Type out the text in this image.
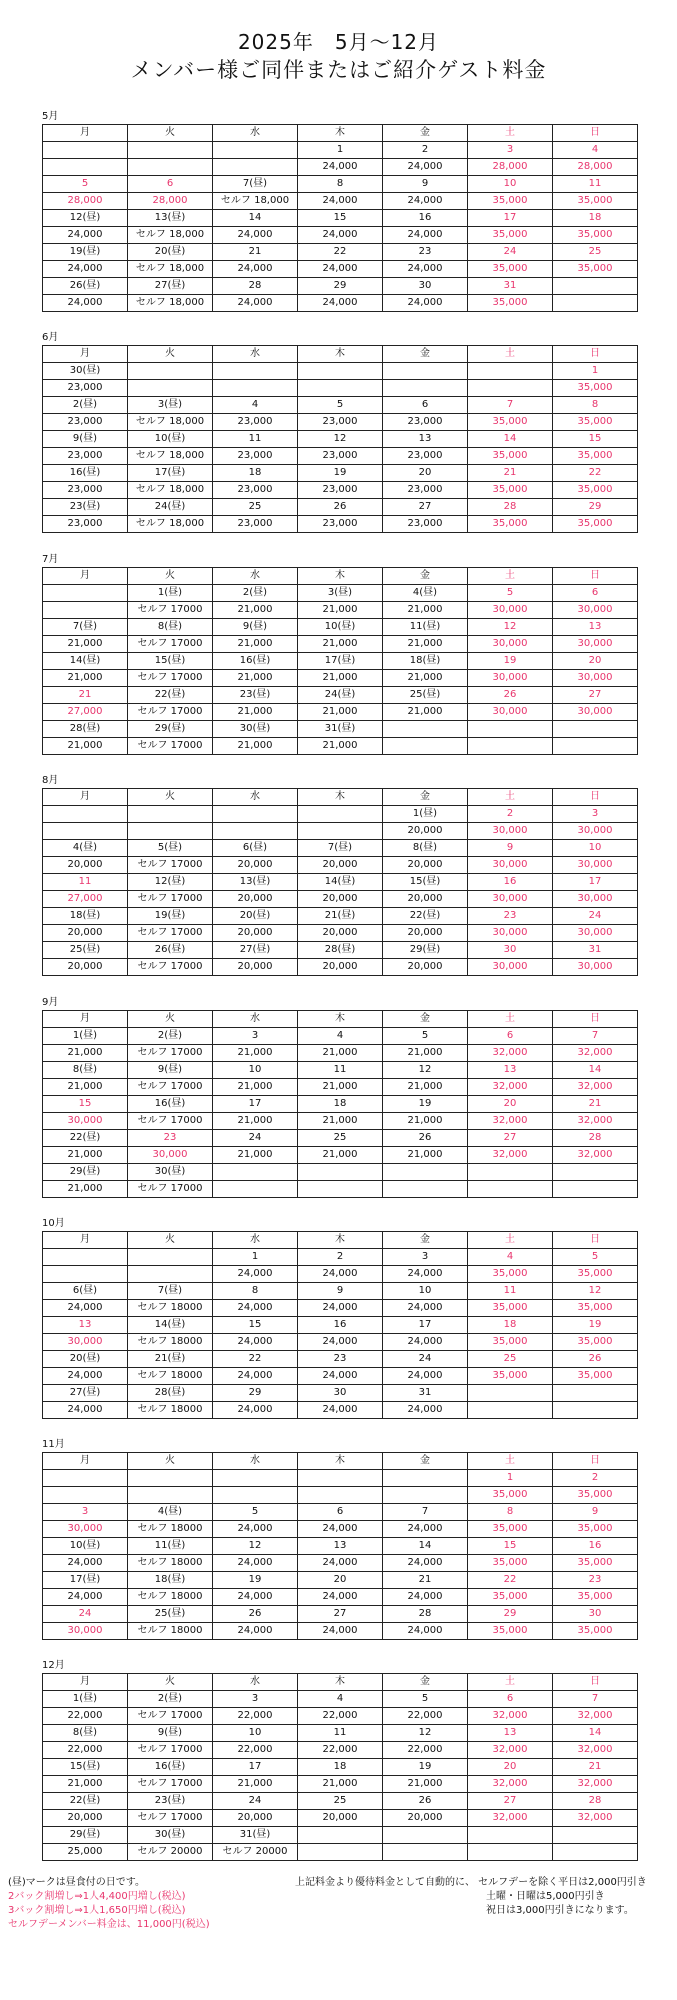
2025年　5月～12月
メンバー様ご同伴またはご紹介ゲスト料金
5月
月	火	水	木	金	土	日
			1	2	3	4
			24,000	24,000	28,000	28,000
5	6	7(昼)	8	9	10	11
28,000	28,000	セルフ 18,000	24,000	24,000	35,000	35,000
12(昼)	13(昼)	14	15	16	17	18
24,000	セルフ 18,000	24,000	24,000	24,000	35,000	35,000
19(昼)	20(昼)	21	22	23	24	25
24,000	セルフ 18,000	24,000	24,000	24,000	35,000	35,000
26(昼)	27(昼)	28	29	30	31	
24,000	セルフ 18,000	24,000	24,000	24,000	35,000	
6月
月	火	水	木	金	土	日
30(昼)						1
23,000						35,000
2(昼)	3(昼)	4	5	6	7	8
23,000	セルフ 18,000	23,000	23,000	23,000	35,000	35,000
9(昼)	10(昼)	11	12	13	14	15
23,000	セルフ 18,000	23,000	23,000	23,000	35,000	35,000
16(昼)	17(昼)	18	19	20	21	22
23,000	セルフ 18,000	23,000	23,000	23,000	35,000	35,000
23(昼)	24(昼)	25	26	27	28	29
23,000	セルフ 18,000	23,000	23,000	23,000	35,000	35,000
7月
月	火	水	木	金	土	日
	1(昼)	2(昼)	3(昼)	4(昼)	5	6
	セルフ 17000	21,000	21,000	21,000	30,000	30,000
7(昼)	8(昼)	9(昼)	10(昼)	11(昼)	12	13
21,000	セルフ 17000	21,000	21,000	21,000	30,000	30,000
14(昼)	15(昼)	16(昼)	17(昼)	18(昼)	19	20
21,000	セルフ 17000	21,000	21,000	21,000	30,000	30,000
21	22(昼)	23(昼)	24(昼)	25(昼)	26	27
27,000	セルフ 17000	21,000	21,000	21,000	30,000	30,000
28(昼)	29(昼)	30(昼)	31(昼)			
21,000	セルフ 17000	21,000	21,000			
8月
月	火	水	木	金	土	日
				1(昼)	2	3
				20,000	30,000	30,000
4(昼)	5(昼)	6(昼)	7(昼)	8(昼)	9	10
20,000	セルフ 17000	20,000	20,000	20,000	30,000	30,000
11	12(昼)	13(昼)	14(昼)	15(昼)	16	17
27,000	セルフ 17000	20,000	20,000	20,000	30,000	30,000
18(昼)	19(昼)	20(昼)	21(昼)	22(昼)	23	24
20,000	セルフ 17000	20,000	20,000	20,000	30,000	30,000
25(昼)	26(昼)	27(昼)	28(昼)	29(昼)	30	31
20,000	セルフ 17000	20,000	20,000	20,000	30,000	30,000
9月
月	火	水	木	金	土	日
1(昼)	2(昼)	3	4	5	6	7
21,000	セルフ 17000	21,000	21,000	21,000	32,000	32,000
8(昼)	9(昼)	10	11	12	13	14
21,000	セルフ 17000	21,000	21,000	21,000	32,000	32,000
15	16(昼)	17	18	19	20	21
30,000	セルフ 17000	21,000	21,000	21,000	32,000	32,000
22(昼)	23	24	25	26	27	28
21,000	30,000	21,000	21,000	21,000	32,000	32,000
29(昼)	30(昼)					
21,000	セルフ 17000					
10月
月	火	水	木	金	土	日
		1	2	3	4	5
		24,000	24,000	24,000	35,000	35,000
6(昼)	7(昼)	8	9	10	11	12
24,000	セルフ 18000	24,000	24,000	24,000	35,000	35,000
13	14(昼)	15	16	17	18	19
30,000	セルフ 18000	24,000	24,000	24,000	35,000	35,000
20(昼)	21(昼)	22	23	24	25	26
24,000	セルフ 18000	24,000	24,000	24,000	35,000	35,000
27(昼)	28(昼)	29	30	31		
24,000	セルフ 18000	24,000	24,000	24,000		
11月
月	火	水	木	金	土	日
					1	2
					35,000	35,000
3	4(昼)	5	6	7	8	9
30,000	セルフ 18000	24,000	24,000	24,000	35,000	35,000
10(昼)	11(昼)	12	13	14	15	16
24,000	セルフ 18000	24,000	24,000	24,000	35,000	35,000
17(昼)	18(昼)	19	20	21	22	23
24,000	セルフ 18000	24,000	24,000	24,000	35,000	35,000
24	25(昼)	26	27	28	29	30
30,000	セルフ 18000	24,000	24,000	24,000	35,000	35,000
12月
月	火	水	木	金	土	日
1(昼)	2(昼)	3	4	5	6	7
22,000	セルフ 17000	22,000	22,000	22,000	32,000	32,000
8(昼)	9(昼)	10	11	12	13	14
22,000	セルフ 17000	22,000	22,000	22,000	32,000	32,000
15(昼)	16(昼)	17	18	19	20	21
21,000	セルフ 17000	21,000	21,000	21,000	32,000	32,000
22(昼)	23(昼)	24	25	26	27	28
20,000	セルフ 17000	20,000	20,000	20,000	32,000	32,000
29(昼)	30(昼)	31(昼)				
25,000	セルフ 20000	セルフ 20000				
(昼)マークは昼食付の日です。
2バック割増し⇒1人4,400円増し(税込)
3バック割増し⇒1人1,650円増し(税込)
セルフデーメンバー料金は、11,000円(税込)
上記料金より優待料金として自動的に、 セルフデーを除く平日は2,000円引き
土曜・日曜は5,000円引き
祝日は3,000円引きになります。
